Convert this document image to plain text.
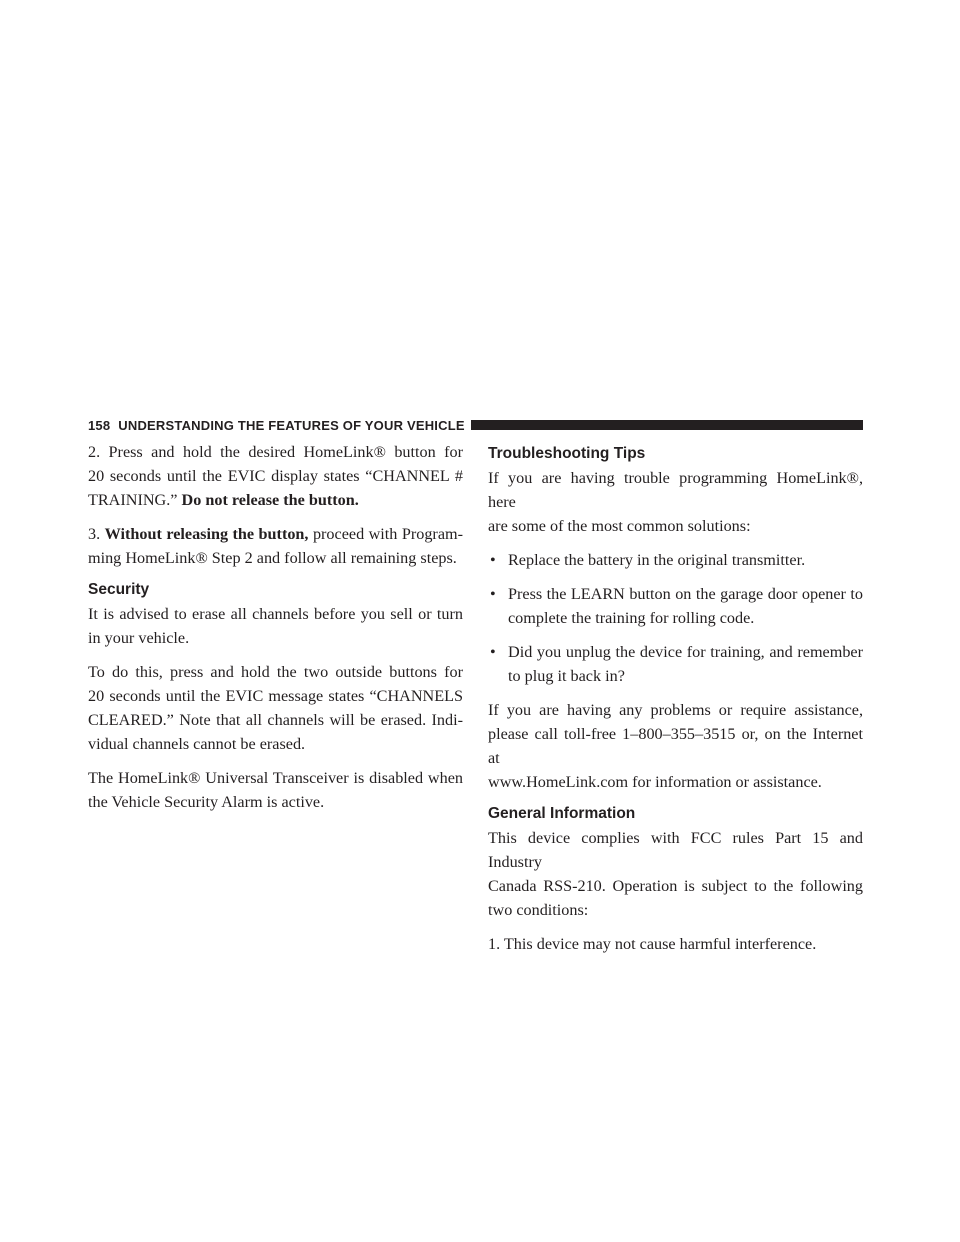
158 UNDERSTANDING THE FEATURES OF YOUR VEHICLE

2. Press and hold the desired HomeLink® button for
20 seconds until the EVIC display states “CHANNEL #
TRAINING.” Do not release the button.

3. Without releasing the button, proceed with Program-
ming HomeLink® Step 2 and follow all remaining steps.

Security

It is advised to erase all channels before you sell or turn
in your vehicle.

To do this, press and hold the two outside buttons for
20 seconds until the EVIC message states “CHANNELS
CLEARED.” Note that all channels will be erased. Indi-
vidual channels cannot be erased.

The HomeLink® Universal Transceiver is disabled when
the Vehicle Security Alarm is active.

Troubleshooting Tips

If you are having trouble programming HomeLink®, here
are some of the most common solutions:

• Replace the battery in the original transmitter.
• Press the LEARN button on the garage door opener to
complete the training for rolling code.
• Did you unplug the device for training, and remember
to plug it back in?

If you are having any problems or require assistance,
please call toll-free 1–800–355–3515 or, on the Internet at
www.HomeLink.com for information or assistance.

General Information

This device complies with FCC rules Part 15 and Industry
Canada RSS-210. Operation is subject to the following
two conditions:

1. This device may not cause harmful interference.
